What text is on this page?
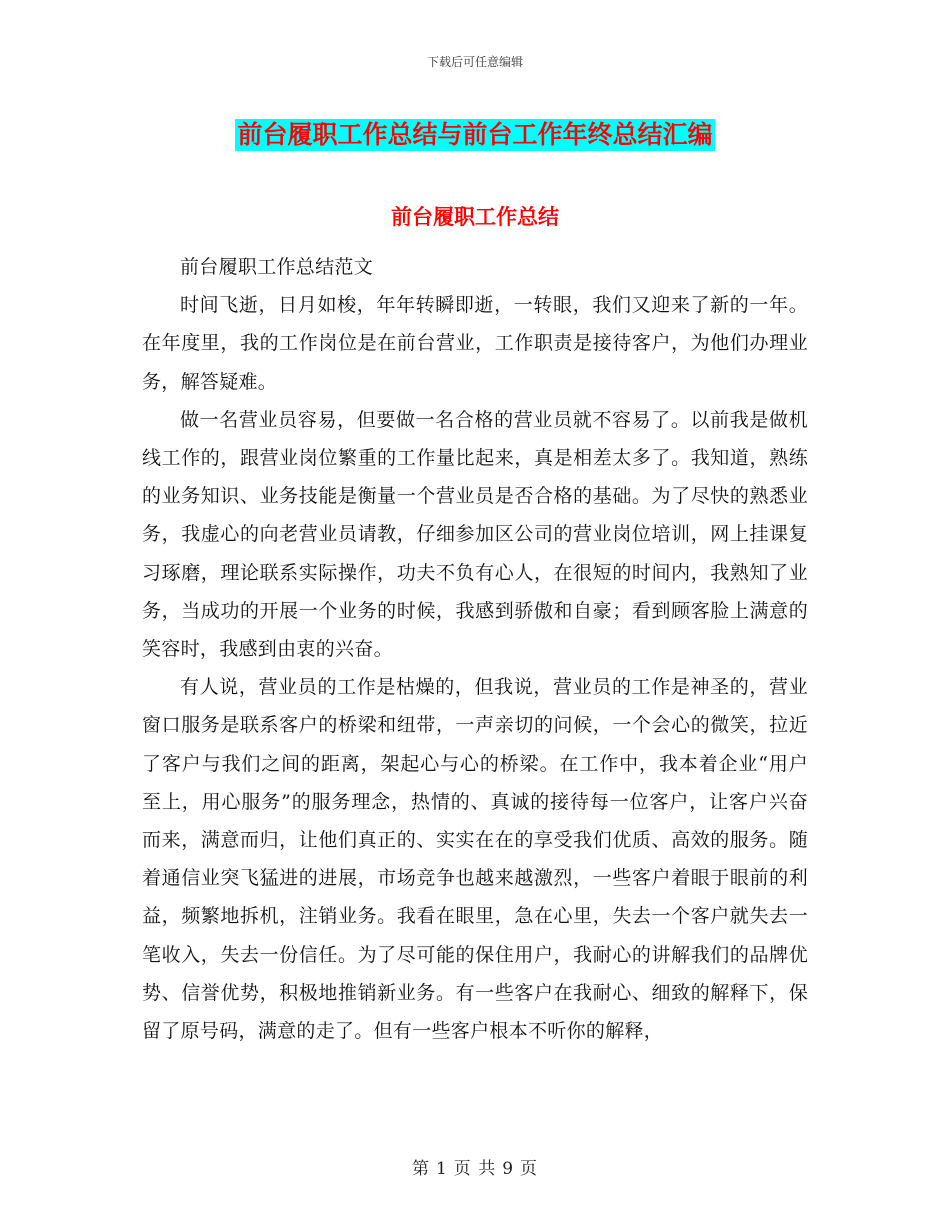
下载后可任意编辑
前台履职工作总结与前台工作年终总结汇编
前台履职工作总结

前台履职工作总结范文

时间飞逝，日月如梭，年年转瞬即逝，一转眼，我们又迎来了新的一年。在年度里，我的工作岗位是在前台营业，工作职责是接待客户，为他们办理业务，解答疑难。

做一名营业员容易，但要做一名合格的营业员就不容易了。以前我是做机线工作的，跟营业岗位繁重的工作量比起来，真是相差太多了。我知道，熟练的业务知识、业务技能是衡量一个营业员是否合格的基础。为了尽快的熟悉业务，我虚心的向老营业员请教，仔细参加区公司的营业岗位培训，网上挂课复习琢磨，理论联系实际操作，功夫不负有心人，在很短的时间内，我熟知了业务，当成功的开展一个业务的时候，我感到骄傲和自豪；看到顾客脸上满意的笑容时，我感到由衷的兴奋。

有人说，营业员的工作是枯燥的，但我说，营业员的工作是神圣的，营业窗口服务是联系客户的桥梁和纽带，一声亲切的问候，一个会心的微笑，拉近了客户与我们之间的距离，架起心与心的桥梁。在工作中，我本着企业“用户至上，用心服务”的服务理念，热情的、真诚的接待每一位客户，让客户兴奋而来，满意而归，让他们真正的、实实在在的享受我们优质、高效的服务。随着通信业突飞猛进的进展，市场竞争也越来越激烈，一些客户着眼于眼前的利益，频繁地拆机，注销业务。我看在眼里，急在心里，失去一个客户就失去一笔收入，失去一份信任。为了尽可能的保住用户，我耐心的讲解我们的品牌优势、信誉优势，积极地推销新业务。有一些客户在我耐心、细致的解释下，保留了原号码，满意的走了。但有一些客户根本不听你的解释，

第 1 页 共 9 页
